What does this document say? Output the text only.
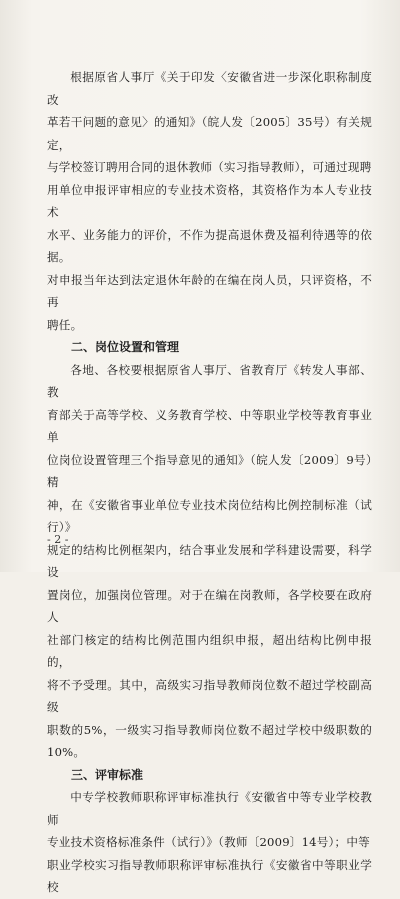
根据原省人事厅《关于印发〈安徽省进一步深化职称制度改
革若干问题的意见〉的通知》（皖人发〔2005〕35号）有关规定，
与学校签订聘用合同的退休教师（实习指导教师），可通过现聘
用单位申报评审相应的专业技术资格，其资格作为本人专业技术
水平、业务能力的评价，不作为提高退休费及福利待遇等的依据。
对申报当年达到法定退休年龄的在编在岗人员，只评资格，不再
聘任。

二、岗位设置和管理

各地、各校要根据原省人事厅、省教育厅《转发人事部、教
育部关于高等学校、义务教育学校、中等职业学校等教育事业单
位岗位设置管理三个指导意见的通知》（皖人发〔2009〕9号）精
神，在《安徽省事业单位专业技术岗位结构比例控制标准（试行）》
规定的结构比例框架内，结合事业发展和学科建设需要，科学设
置岗位，加强岗位管理。对于在编在岗教师，各学校要在政府人
社部门核定的结构比例范围内组织申报，超出结构比例申报的，
将不予受理。其中，高级实习指导教师岗位数不超过学校副高级
职数的5%，一级实习指导教师岗位数不超过学校中级职数的10%。

三、评审标准

中专学校教师职称评审标准执行《安徽省中等专业学校教师
专业技术资格标准条件（试行）》（教师〔2009〕14号）；中等
职业学校实习指导教师职称评审标准执行《安徽省中等职业学校

- 2 -
